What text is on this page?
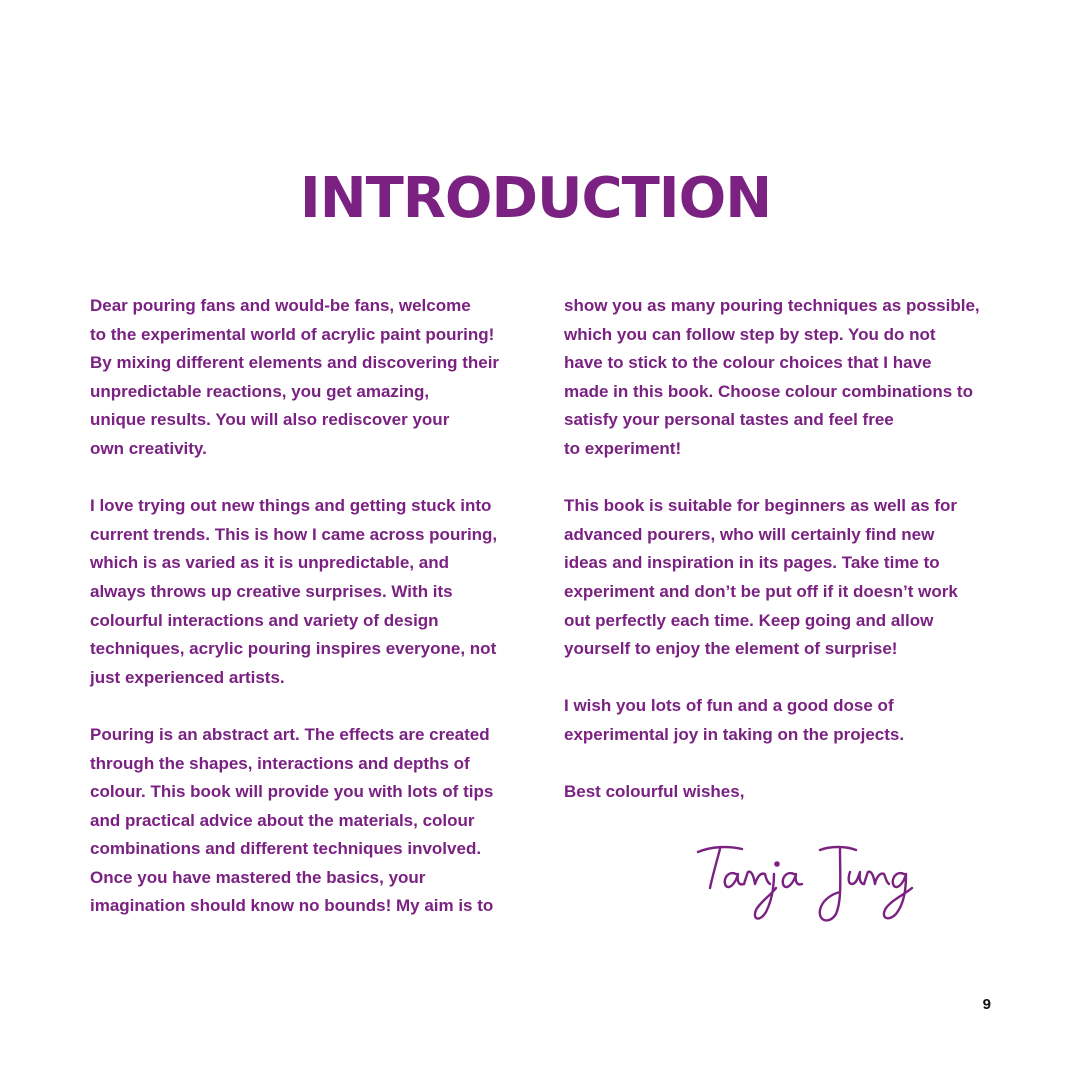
INTRODUCTION

Dear pouring fans and would-be fans, welcome
to the experimental world of acrylic paint pouring!
By mixing different elements and discovering their
unpredictable reactions, you get amazing,
unique results. You will also rediscover your
own creativity.

I love trying out new things and getting stuck into
current trends. This is how I came across pouring,
which is as varied as it is unpredictable, and
always throws up creative surprises. With its
colourful interactions and variety of design
techniques, acrylic pouring inspires everyone, not
just experienced artists.

Pouring is an abstract art. The effects are created
through the shapes, interactions and depths of
colour. This book will provide you with lots of tips
and practical advice about the materials, colour
combinations and different techniques involved.
Once you have mastered the basics, your
imagination should know no bounds! My aim is to

show you as many pouring techniques as possible,
which you can follow step by step. You do not
have to stick to the colour choices that I have
made in this book. Choose colour combinations to
satisfy your personal tastes and feel free
to experiment!

This book is suitable for beginners as well as for
advanced pourers, who will certainly find new
ideas and inspiration in its pages. Take time to
experiment and don’t be put off if it doesn’t work
out perfectly each time. Keep going and allow
yourself to enjoy the element of surprise!

I wish you lots of fun and a good dose of
experimental joy in taking on the projects.

Best colourful wishes,

9
